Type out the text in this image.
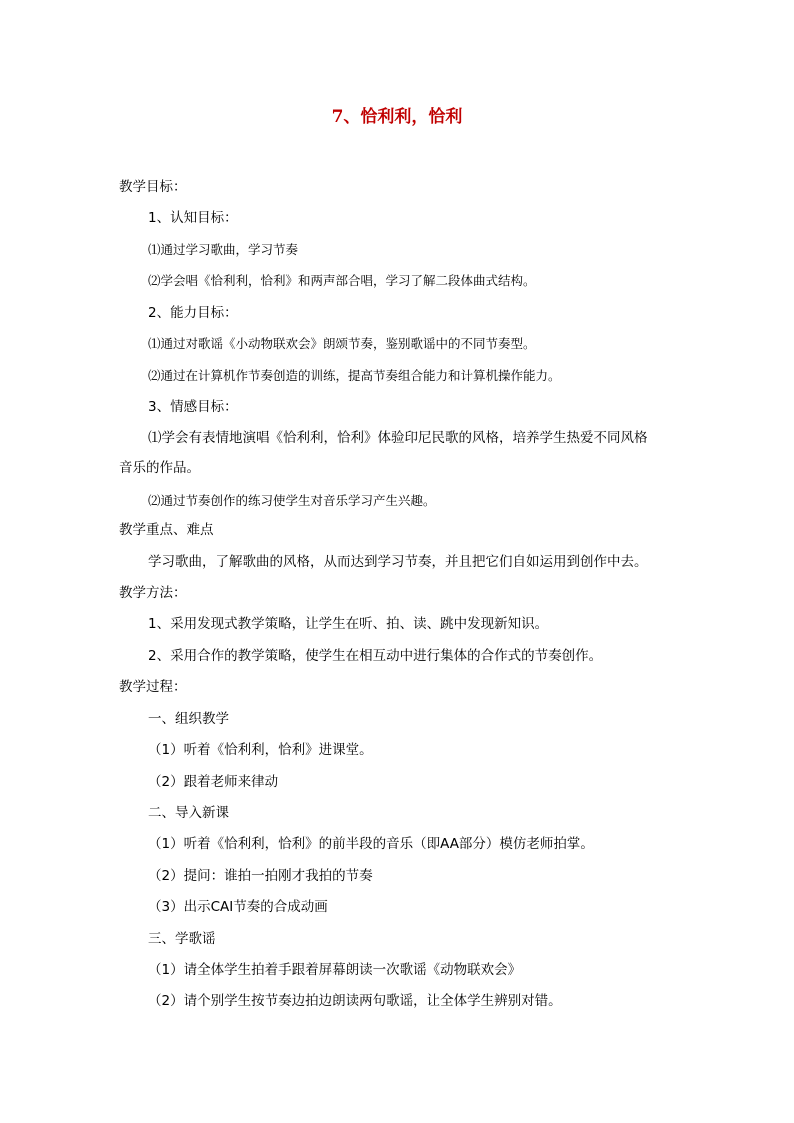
7、恰利利，恰利
教学目标：
1、认知目标：
⑴通过学习歌曲，学习节奏
⑵学会唱《恰利利，恰利》和两声部合唱，学习了解二段体曲式结构。
2、能力目标：
⑴通过对歌谣《小动物联欢会》朗颂节奏，鉴别歌谣中的不同节奏型。
⑵通过在计算机作节奏创造的训练，提高节奏组合能力和计算机操作能力。
3、情感目标：
⑴学会有表情地演唱《恰利利，恰利》体验印尼民歌的风格，培养学生热爱不同风格
音乐的作品。
⑵通过节奏创作的练习使学生对音乐学习产生兴趣。
教学重点、难点
学习歌曲，了解歌曲的风格，从而达到学习节奏，并且把它们自如运用到创作中去。
教学方法：
1、采用发现式教学策略，让学生在听、拍、读、跳中发现新知识。
2、采用合作的教学策略，使学生在相互动中进行集体的合作式的节奏创作。
教学过程：
一、组织教学
（1）听着《恰利利，恰利》进课堂。
（2）跟着老师来律动
二、导入新课
（1）听着《恰利利，恰利》的前半段的音乐（即AA部分）模仿老师拍掌。
（2）提问：谁拍一拍刚才我拍的节奏
（3）出示CAI节奏的合成动画
三、学歌谣
（1）请全体学生拍着手跟着屏幕朗读一次歌谣《动物联欢会》
（2）请个别学生按节奏边拍边朗读两句歌谣，让全体学生辨别对错。
